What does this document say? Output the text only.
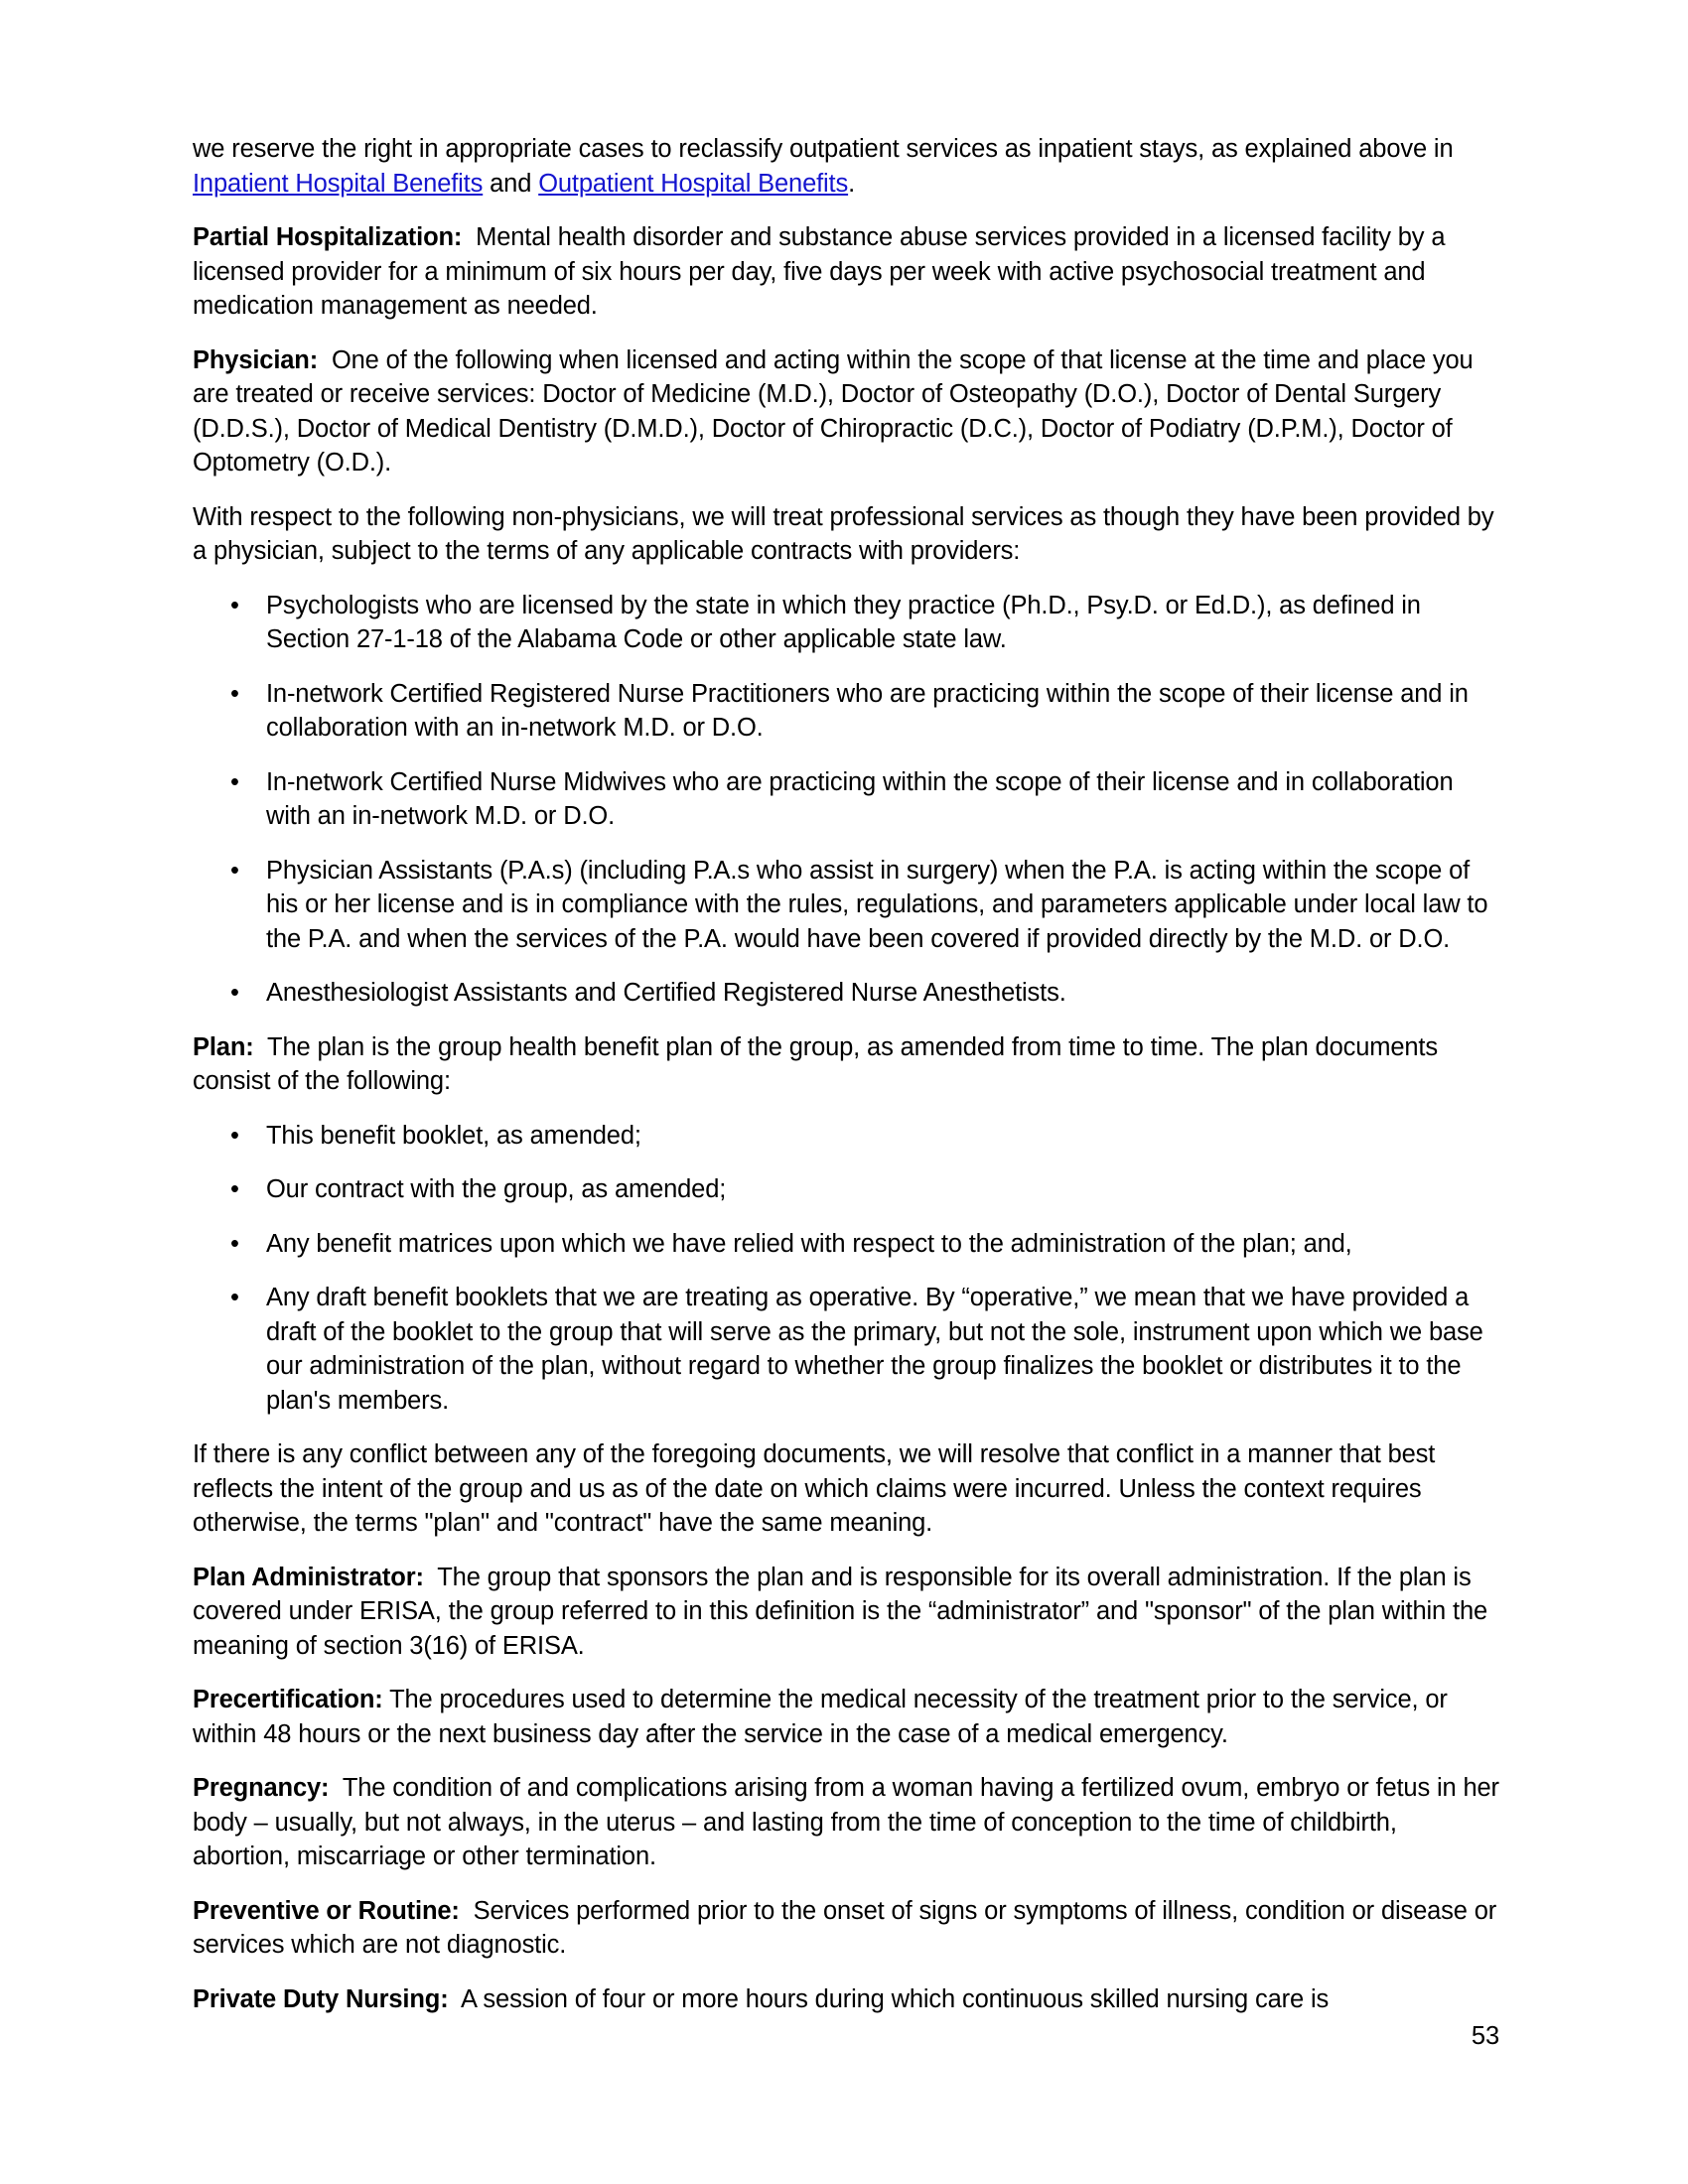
we reserve the right in appropriate cases to reclassify outpatient services as inpatient stays, as explained above in Inpatient Hospital Benefits and Outpatient Hospital Benefits.

Partial Hospitalization: Mental health disorder and substance abuse services provided in a licensed facility by a licensed provider for a minimum of six hours per day, five days per week with active psychosocial treatment and medication management as needed.

Physician: One of the following when licensed and acting within the scope of that license at the time and place you are treated or receive services: Doctor of Medicine (M.D.), Doctor of Osteopathy (D.O.), Doctor of Dental Surgery (D.D.S.), Doctor of Medical Dentistry (D.M.D.), Doctor of Chiropractic (D.C.), Doctor of Podiatry (D.P.M.), Doctor of Optometry (O.D.).

With respect to the following non-physicians, we will treat professional services as though they have been provided by a physician, subject to the terms of any applicable contracts with providers:

• Psychologists who are licensed by the state in which they practice (Ph.D., Psy.D. or Ed.D.), as defined in Section 27-1-18 of the Alabama Code or other applicable state law.
• In-network Certified Registered Nurse Practitioners who are practicing within the scope of their license and in collaboration with an in-network M.D. or D.O.
• In-network Certified Nurse Midwives who are practicing within the scope of their license and in collaboration with an in-network M.D. or D.O.
• Physician Assistants (P.A.s) (including P.A.s who assist in surgery) when the P.A. is acting within the scope of his or her license and is in compliance with the rules, regulations, and parameters applicable under local law to the P.A. and when the services of the P.A. would have been covered if provided directly by the M.D. or D.O.
• Anesthesiologist Assistants and Certified Registered Nurse Anesthetists.

Plan: The plan is the group health benefit plan of the group, as amended from time to time. The plan documents consist of the following:

• This benefit booklet, as amended;
• Our contract with the group, as amended;
• Any benefit matrices upon which we have relied with respect to the administration of the plan; and,
• Any draft benefit booklets that we are treating as operative. By “operative,” we mean that we have provided a draft of the booklet to the group that will serve as the primary, but not the sole, instrument upon which we base our administration of the plan, without regard to whether the group finalizes the booklet or distributes it to the plan's members.

If there is any conflict between any of the foregoing documents, we will resolve that conflict in a manner that best reflects the intent of the group and us as of the date on which claims were incurred. Unless the context requires otherwise, the terms "plan" and "contract" have the same meaning.

Plan Administrator: The group that sponsors the plan and is responsible for its overall administration. If the plan is covered under ERISA, the group referred to in this definition is the “administrator” and "sponsor" of the plan within the meaning of section 3(16) of ERISA.

Precertification: The procedures used to determine the medical necessity of the treatment prior to the service, or within 48 hours or the next business day after the service in the case of a medical emergency.

Pregnancy: The condition of and complications arising from a woman having a fertilized ovum, embryo or fetus in her body – usually, but not always, in the uterus – and lasting from the time of conception to the time of childbirth, abortion, miscarriage or other termination.

Preventive or Routine: Services performed prior to the onset of signs or symptoms of illness, condition or disease or services which are not diagnostic.

Private Duty Nursing: A session of four or more hours during which continuous skilled nursing care is

53
